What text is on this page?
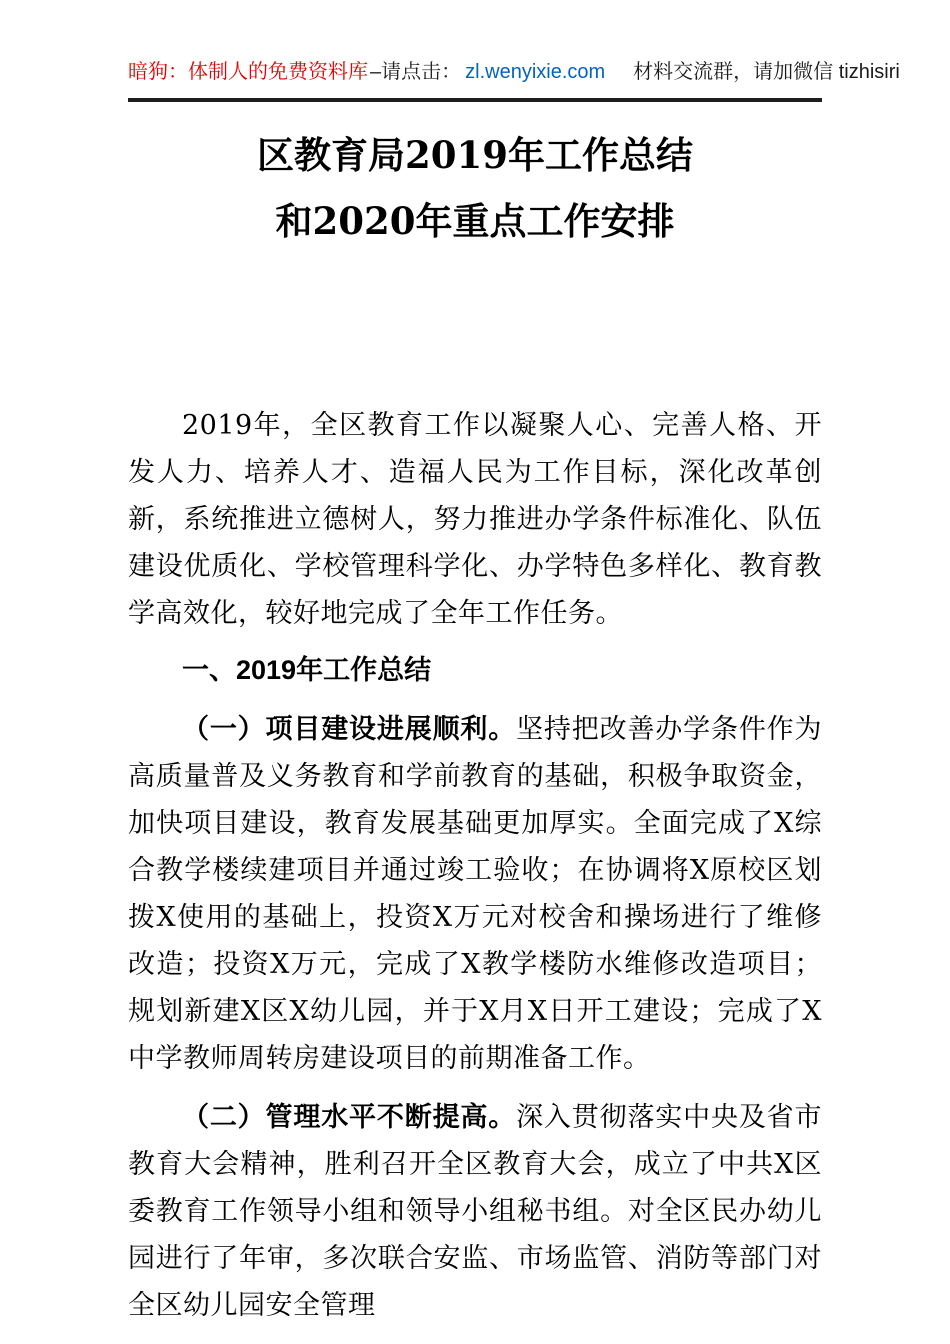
暗狗：体制人的免费资料库 –请点击： zl.wenyixie.com 材料交流群，请加微信 tizhisiri
区教育局2019年工作总结
和2020年重点工作安排

2019年，全区教育工作以凝聚人心、完善人格、开发人力、培养人才、造福人民为工作目标，深化改革创新，系统推进立德树人，努力推进办学条件标准化、队伍建设优质化、学校管理科学化、办学特色多样化、教育教学高效化，较好地完成了全年工作任务。

一、2019年工作总结

（一）项目建设进展顺利。坚持把改善办学条件作为高质量普及义务教育和学前教育的基础，积极争取资金，加快项目建设，教育发展基础更加厚实。全面完成了X综合教学楼续建项目并通过竣工验收；在协调将X原校区划拨X使用的基础上，投资X万元对校舍和操场进行了维修改造；投资X万元，完成了X教学楼防水维修改造项目；规划新建X区X幼儿园，并于X月X日开工建设；完成了X中学教师周转房建设项目的前期准备工作。

（二）管理水平不断提高。深入贯彻落实中央及省市教育大会精神，胜利召开全区教育大会，成立了中共X区委教育工作领导小组和领导小组秘书组。对全区民办幼儿园进行了年审，多次联合安监、市场监管、消防等部门对全区幼儿园安全管理
